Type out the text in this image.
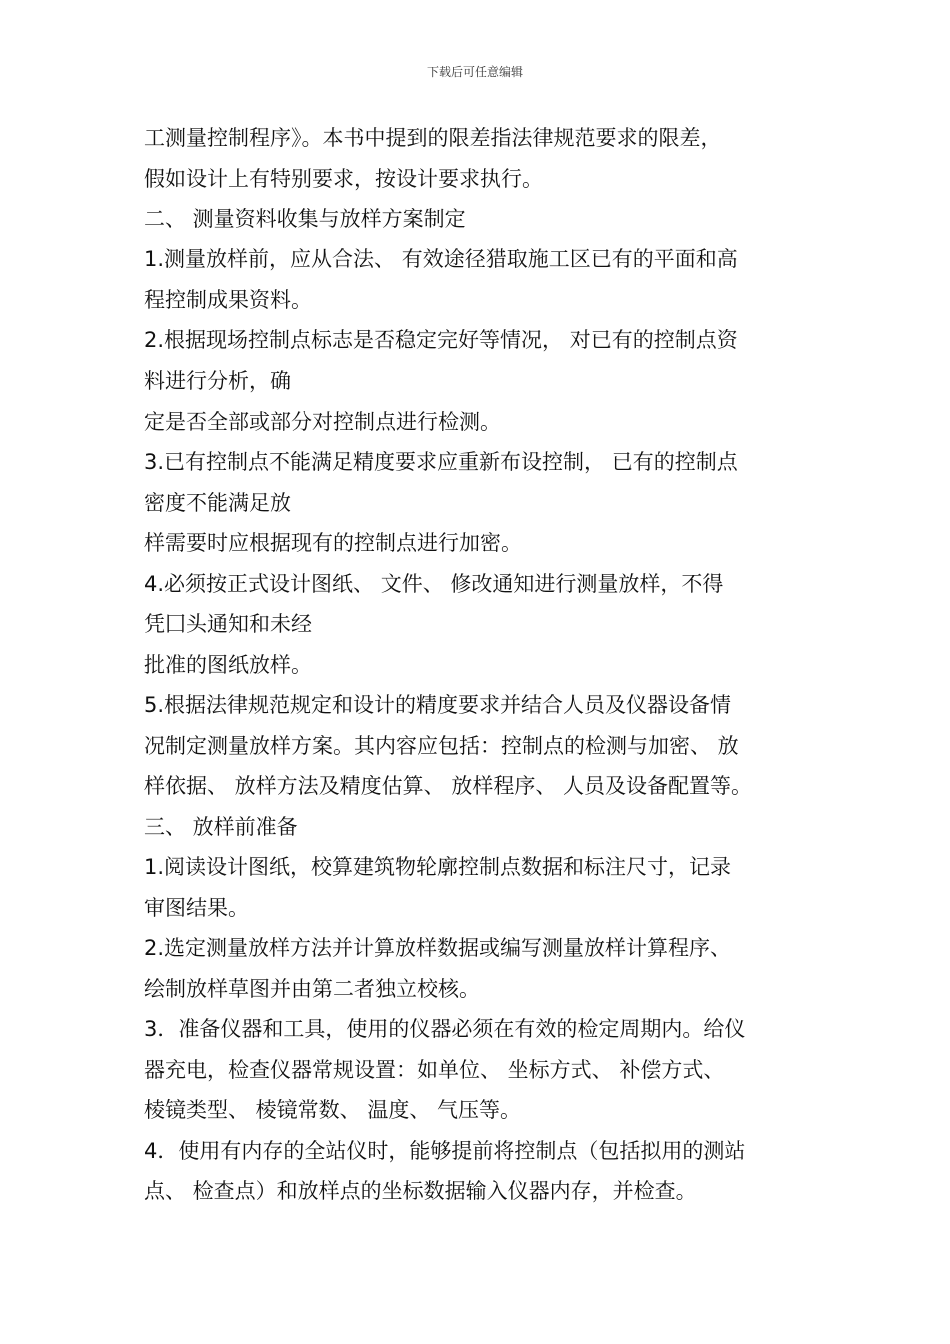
下载后可任意编辑
工测量控制程序》。本书中提到的限差指法律规范要求的限差，
假如设计上有特别要求，按设计要求执行。
二、 测量资料收集与放样方案制定
1.测量放样前，应从合法、 有效途径猎取施工区已有的平面和高
程控制成果资料。
2.根据现场控制点标志是否稳定完好等情况， 对已有的控制点资
料进行分析，确
定是否全部或部分对控制点进行检测。
3.已有控制点不能满足精度要求应重新布设控制， 已有的控制点
密度不能满足放
样需要时应根据现有的控制点进行加密。
4.必须按正式设计图纸、 文件、 修改通知进行测量放样，不得
凭囗头通知和未经
批准的图纸放样。
5.根据法律规范规定和设计的精度要求并结合人员及仪器设备情
况制定测量放样方案。其内容应包括：控制点的检测与加密、 放
样依据、 放样方法及精度估算、 放样程序、 人员及设备配置等。
三、 放样前准备
1.阅读设计图纸，校算建筑物轮廓控制点数据和标注尺寸，记录
审图结果。
2.选定测量放样方法并计算放样数据或编写测量放样计算程序、
绘制放样草图并由第二者独立校核。
3．准备仪器和工具，使用的仪器必须在有效的检定周期内。给仪
器充电，检查仪器常规设置：如单位、 坐标方式、 补偿方式、
棱镜类型、 棱镜常数、 温度、 气压等。
4．使用有内存的全站仪时，能够提前将控制点（包括拟用的测站
点、 检查点）和放样点的坐标数据输入仪器内存，并检查。
